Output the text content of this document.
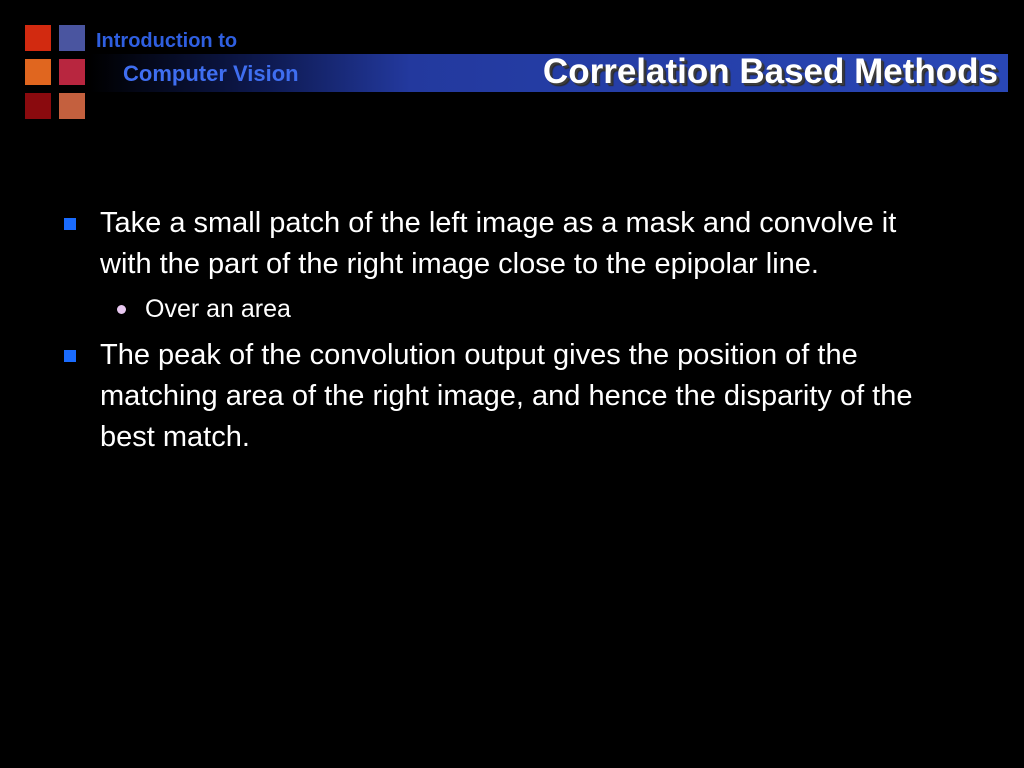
Introduction to
Computer Vision	Correlation Based Methods
Take a small patch of the left image as a mask and convolve it with the part of the right image close to the epipolar line.
Over an area
The peak of the convolution output gives the position of the matching area of the right image, and hence the disparity of the best match.
